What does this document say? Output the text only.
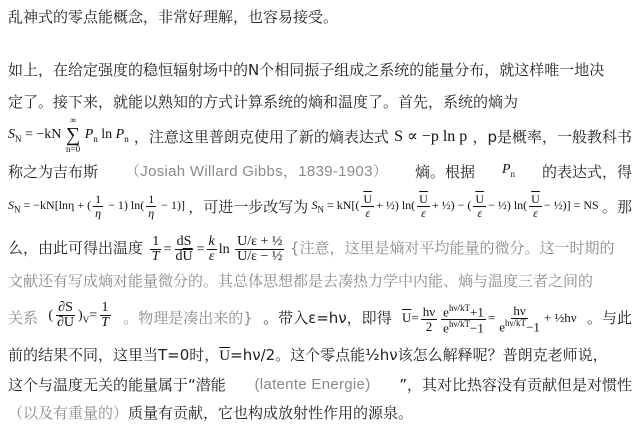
乱神式的零点能概念，非常好理解，也容易接受。
如上，在给定强度的稳恒辐射场中的N个相同振子组成之系统的能量分布，就这样唯一地决
定了。接下来，就能以熟知的方式计算系统的熵和温度了。首先，系统的熵为
$S_N = -kN$
∞
∑
n=0
$P_n$ $\ln P_n$ ，注意这里普朗克使用了新的熵表达式 S ∝ −p ln p ，p是概率，一般教科书
称之为吉布斯 （Josiah Willard Gibbs，1839-1903） 熵。根据 $P_n$ 的表达式，得
$S_N = -kN[\ln\eta$ + ( $\frac{1}{\eta} - 1$) $\ln( \frac{1}{\eta} - 1)$] ，可进一步改写为 $S_N = kN[( \frac{\overline{U}}{\varepsilon}$ + ½) $\ln( \frac{\overline{U}}{\varepsilon}$ + ½) − ( $\frac{\overline{U}}{\varepsilon}$ − ½) $\ln( \frac{\overline{U}}{\varepsilon}$ − ½)] = NS 。那
么，由此可得出温度 $\frac{1}{T} = \frac{dS}{d\overline{U}} = \frac{k}{\varepsilon}$ $\ln \frac{\text{U/ε + ½}}{\text{U/ε − ½}}$ {注意，这里是熵对平均能量的微分。这一时期的
文献还有写成熵对能量微分的。其总体思想都是去凑热力学中内能、熵与温度三者之间的
关系 ( $\frac{\partial S}{\partial U} )_V= \frac{1}{T}$ 。物理是凑出来的} 。带入ε=hν，即得 $\overline{U}= \frac{h\nu}{2} \frac{e^{h\nu/kT}+1}{e^{h\nu/kT}-1} = \frac{h\nu}{e^{h\nu/kT}-1}$ + ½hν 。与此
前的结果不同，这里当T=0时，$\overline{U}=h\nu/2$。这个零点能½hν该怎么解释呢？普朗克老师说，
这个与温度无关的能量属于“潜能 (latente Energie) ”，其对比热容没有贡献但是对惯性
（以及有重量的）质量有贡献，它也构成放射性作用的源泉。
